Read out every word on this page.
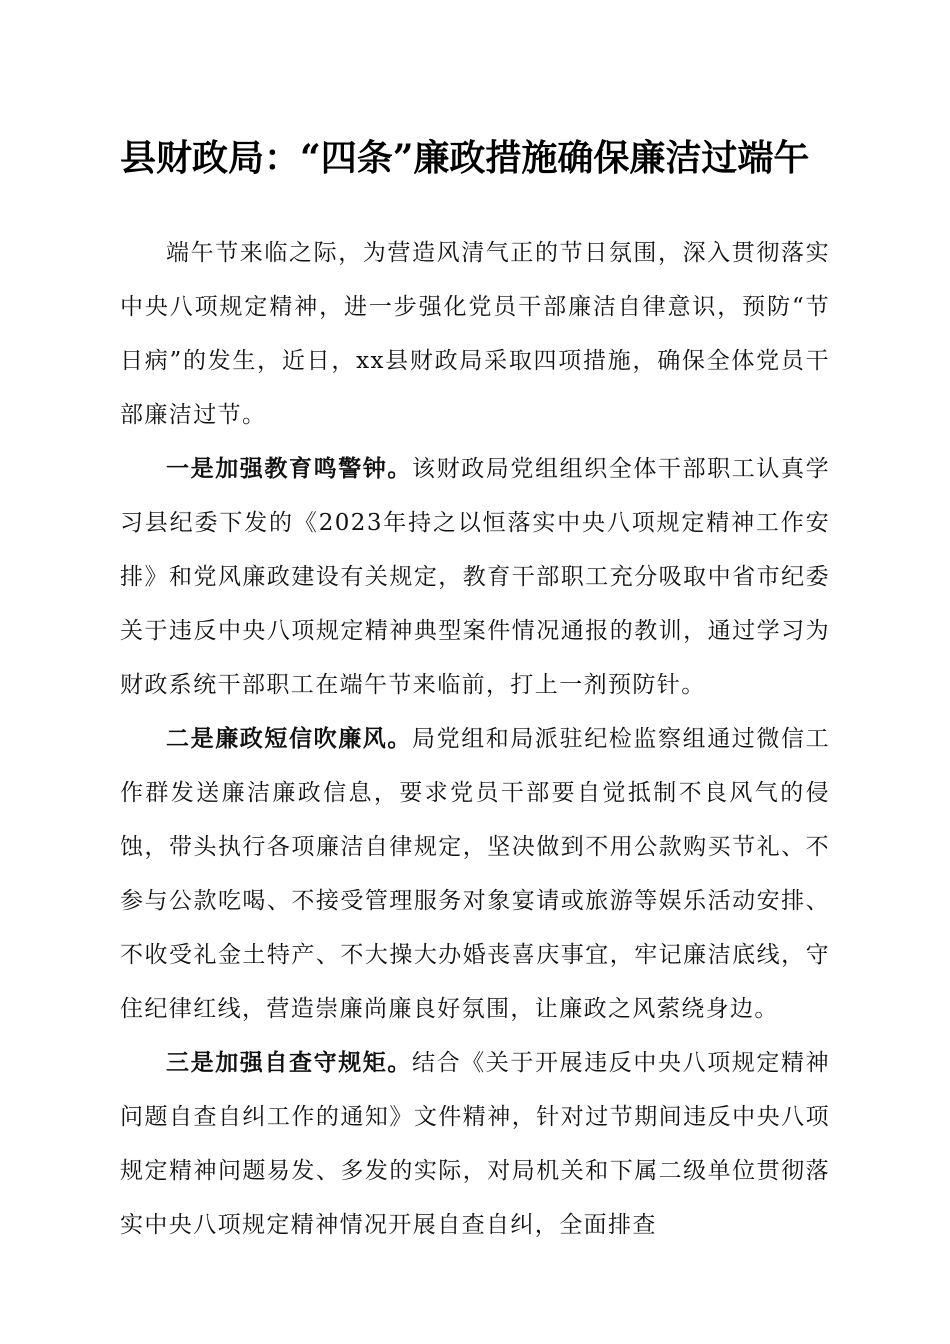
县财政局：“四条”廉政措施确保廉洁过端午

端午节来临之际，为营造风清气正的节日氛围，深入贯彻落实中央八项规定精神，进一步强化党员干部廉洁自律意识，预防“节日病”的发生，近日，xx县财政局采取四项措施，确保全体党员干部廉洁过节。

一是加强教育鸣警钟。该财政局党组组织全体干部职工认真学习县纪委下发的《2023年持之以恒落实中央八项规定精神工作安排》和党风廉政建设有关规定，教育干部职工充分吸取中省市纪委关于违反中央八项规定精神典型案件情况通报的教训，通过学习为财政系统干部职工在端午节来临前，打上一剂预防针。

二是廉政短信吹廉风。局党组和局派驻纪检监察组通过微信工作群发送廉洁廉政信息，要求党员干部要自觉抵制不良风气的侵蚀，带头执行各项廉洁自律规定，坚决做到不用公款购买节礼、不参与公款吃喝、不接受管理服务对象宴请或旅游等娱乐活动安排、不收受礼金土特产、不大操大办婚丧喜庆事宜，牢记廉洁底线，守住纪律红线，营造崇廉尚廉良好氛围，让廉政之风萦绕身边。

三是加强自查守规矩。结合《关于开展违反中央八项规定精神问题自查自纠工作的通知》文件精神，针对过节期间违反中央八项规定精神问题易发、多发的实际，对局机关和下属二级单位贯彻落实中央八项规定精神情况开展自查自纠，全面排查
